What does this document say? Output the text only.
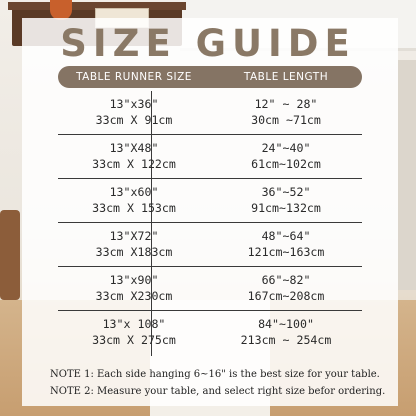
SIZE GUIDE
TABLE RUNNER SIZE	TABLE LENGTH
13"x36"
33cm X 91cm
12" ~ 28"
30cm ~71cm
13"X48"
33cm X 122cm
24"~40"
61cm~102cm
13"x60"
33cm X 153cm
36"~52"
91cm~132cm
13"X72"
33cm X183cm
48"~64"
121cm~163cm
13"x90"
33cm X230cm
66"~82"
167cm~208cm
13"x 108"
33cm X 275cm
84"~100"
213cm ~ 254cm
NOTE 1: Each side hanging 6~16" is the best size for your table.
NOTE 2: Measure your table, and select right size befor ordering.
